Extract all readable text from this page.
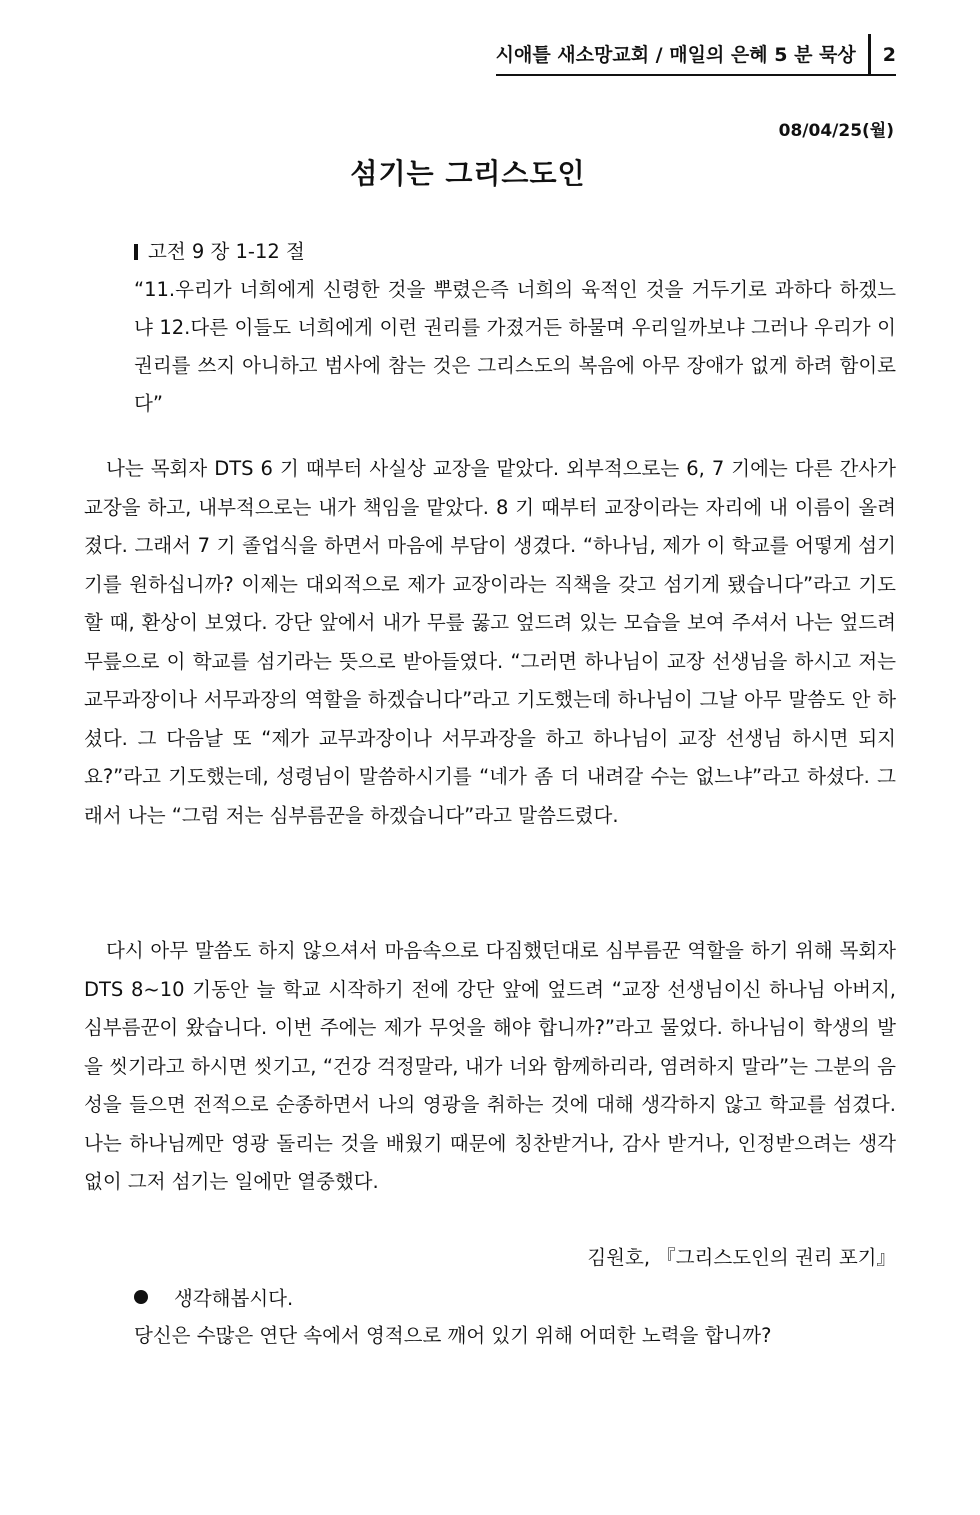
시애틀 새소망교회 / 매일의 은혜 5 분 묵상	2
08/04/25(월)
섬기는 그리스도인
고전 9 장 1-12 절
“11.우리가 너희에게 신령한 것을 뿌렸은즉 너희의 육적인 것을 거두기로 과하다 하겠느냐 12.다른 이들도 너희에게 이런 권리를 가졌거든 하물며 우리일까보냐 그러나 우리가 이 권리를 쓰지 아니하고 범사에 참는 것은 그리스도의 복음에 아무 장애가 없게 하려 함이로다”

나는 목회자 DTS 6 기 때부터 사실상 교장을 맡았다. 외부적으로는 6, 7 기에는 다른 간사가 교장을 하고, 내부적으로는 내가 책임을 맡았다. 8 기 때부터 교장이라는 자리에 내 이름이 올려졌다. 그래서 7 기 졸업식을 하면서 마음에 부담이 생겼다. “하나님, 제가 이 학교를 어떻게 섬기기를 원하십니까? 이제는 대외적으로 제가 교장이라는 직책을 갖고 섬기게 됐습니다”라고 기도할 때, 환상이 보였다. 강단 앞에서 내가 무릎 꿇고 엎드려 있는 모습을 보여 주셔서 나는 엎드려 무릎으로 이 학교를 섬기라는 뜻으로 받아들였다. “그러면 하나님이 교장 선생님을 하시고 저는 교무과장이나 서무과장의 역할을 하겠습니다”라고 기도했는데 하나님이 그날 아무 말씀도 안 하셨다. 그 다음날 또 “제가 교무과장이나 서무과장을 하고 하나님이 교장 선생님 하시면 되지요?”라고 기도했는데, 성령님이 말씀하시기를 “네가 좀 더 내려갈 수는 없느냐”라고 하셨다. 그래서 나는 “그럼 저는 심부름꾼을 하겠습니다”라고 말씀드렸다.

다시 아무 말씀도 하지 않으셔서 마음속으로 다짐했던대로 심부름꾼 역할을 하기 위해 목회자 DTS 8~10 기동안 늘 학교 시작하기 전에 강단 앞에 엎드려 “교장 선생님이신 하나님 아버지, 심부름꾼이 왔습니다. 이번 주에는 제가 무엇을 해야 합니까?”라고 물었다. 하나님이 학생의 발을 씻기라고 하시면 씻기고, “건강 걱정말라, 내가 너와 함께하리라, 염려하지 말라”는 그분의 음성을 들으면 전적으로 순종하면서 나의 영광을 취하는 것에 대해 생각하지 않고 학교를 섬겼다. 나는 하나님께만 영광 돌리는 것을 배웠기 때문에 칭찬받거나, 감사 받거나, 인정받으려는 생각 없이 그저 섬기는 일에만 열중했다.

김원호, 『그리스도인의 권리 포기』
생각해봅시다.
당신은 수많은 연단 속에서 영적으로 깨어 있기 위해 어떠한 노력을 합니까?
